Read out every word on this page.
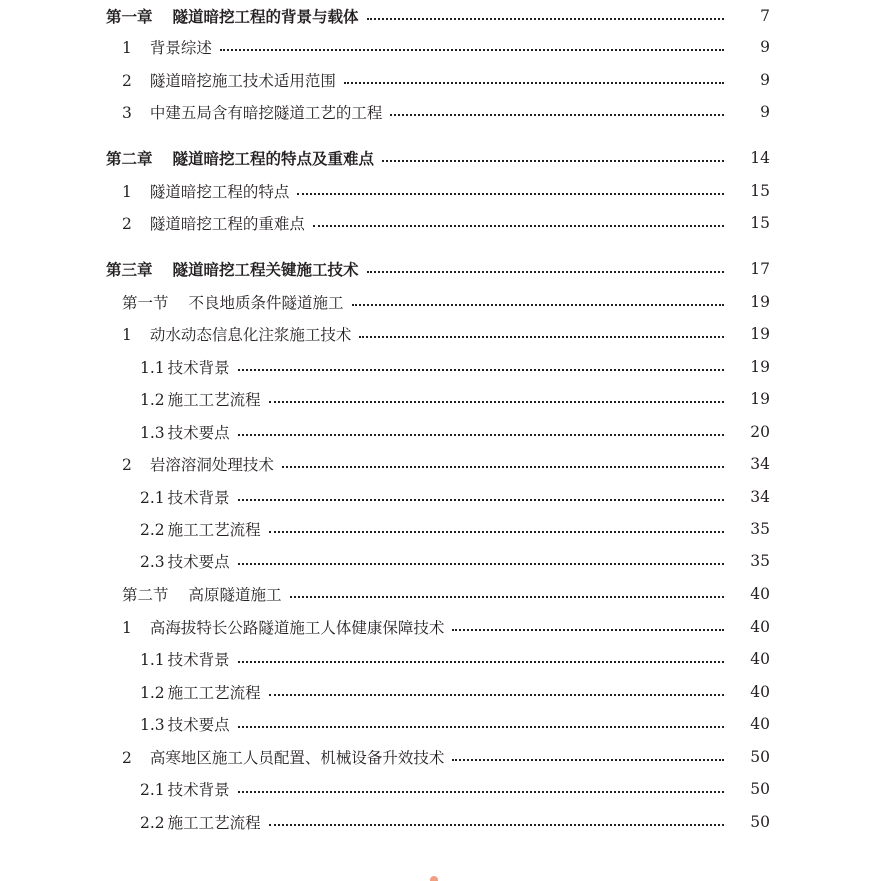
第一章 隧道暗挖工程的背景与载体	7
1 背景综述	9
2 隧道暗挖施工技术适用范围	9
3 中建五局含有暗挖隧道工艺的工程	9
第二章 隧道暗挖工程的特点及重难点	14
1 隧道暗挖工程的特点	15
2 隧道暗挖工程的重难点	15
第三章 隧道暗挖工程关键施工技术	17
第一节 不良地质条件隧道施工	19
1 动水动态信息化注浆施工技术	19
1.1 技术背景	19
1.2 施工工艺流程	19
1.3 技术要点	20
2 岩溶溶洞处理技术	34
2.1 技术背景	34
2.2 施工工艺流程	35
2.3 技术要点	35
第二节 高原隧道施工	40
1 高海拔特长公路隧道施工人体健康保障技术	40
1.1 技术背景	40
1.2 施工工艺流程	40
1.3 技术要点	40
2 高寒地区施工人员配置、机械设备升效技术	50
2.1 技术背景	50
2.2 施工工艺流程	50
